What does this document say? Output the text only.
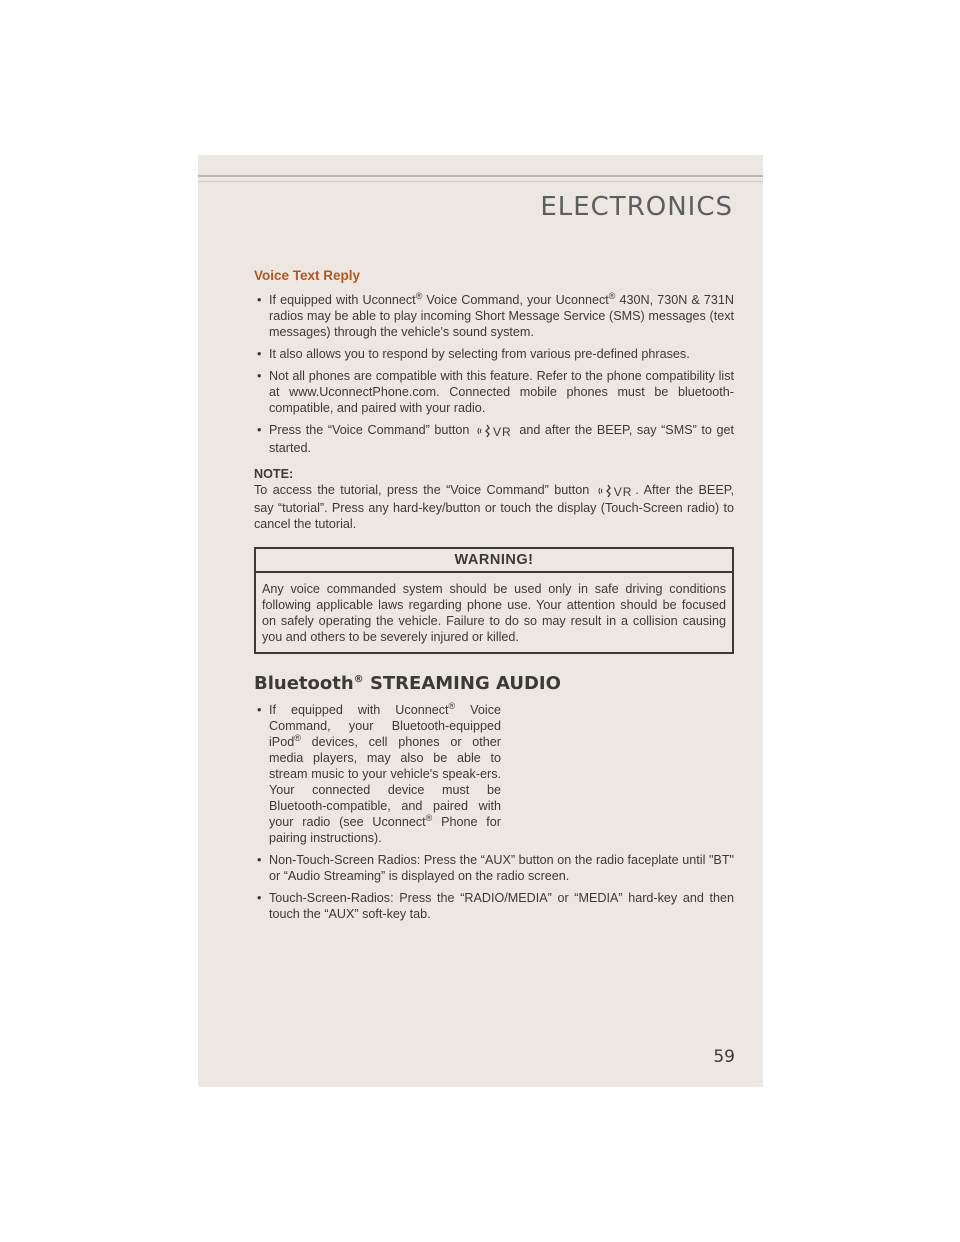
ELECTRONICS
Voice Text Reply
• If equipped with Uconnect® Voice Command, your Uconnect® 430N, 730N & 731N radios may be able to play incoming Short Message Service (SMS) messages (text messages) through the vehicle's sound system.
• It also allows you to respond by selecting from various pre-defined phrases.
• Not all phones are compatible with this feature. Refer to the phone compatibility list at www.UconnectPhone.com. Connected mobile phones must be bluetooth-compatible, and paired with your radio.
• Press the “Voice Command” button VR and after the BEEP, say “SMS” to get started.
NOTE:

To access the tutorial, press the “Voice Command” button VR . After the BEEP, say “tutorial”. Press any hard-key/button or touch the display (Touch-Screen radio) to cancel the tutorial.

WARNING!
Any voice commanded system should be used only in safe driving conditions following applicable laws regarding phone use. Your attention should be focused on safely operating the vehicle. Failure to do so may result in a collision causing you and others to be severely injured or killed.
Bluetooth® STREAMING AUDIO
• If equipped with Uconnect® Voice Command, your Bluetooth-equipped iPod® devices, cell phones or other media players, may also be able to stream music to your vehicle's speak-ers. Your connected device must be Bluetooth-compatible, and paired with your radio (see Uconnect® Phone for pairing instructions).
• Non-Touch-Screen Radios: Press the “AUX” button on the radio faceplate until "BT" or “Audio Streaming” is displayed on the radio screen.
• Touch-Screen-Radios: Press the “RADIO/MEDIA” or “MEDIA” hard-key and then touch the “AUX” soft-key tab.
59
